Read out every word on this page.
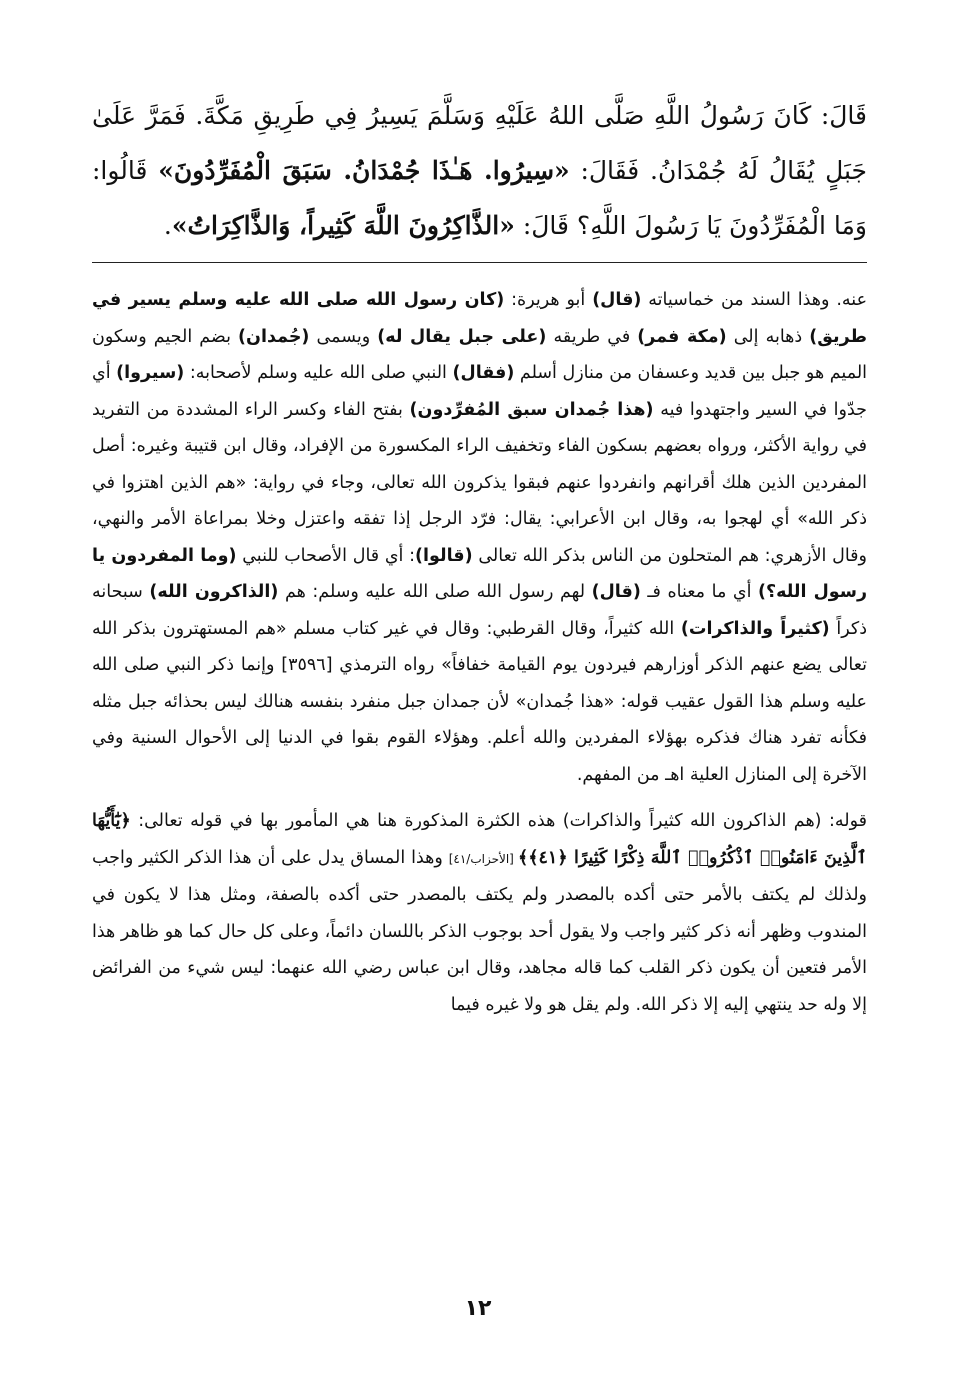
قَالَ: كَانَ رَسُولُ اللَّهِ صَلَّى اللهُ عَلَيْهِ وَسَلَّمَ يَسِيرُ فِي طَرِيقِ مَكَّةَ. فَمَرَّ عَلَىٰ جَبَلٍ يُقَالُ لَهُ جُمْدَانُ. فَقَالَ: «سِيرُوا. هَـٰذَا جُمْدَانُ. سَبَقَ الْمُفَرِّدُونَ» قَالُوا: وَمَا الْمُفَرِّدُونَ يَا رَسُولَ اللَّهِ؟ قَالَ: «الذَّاكِرُونَ اللَّهَ كَثِيراً، وَالذَّاكِرَاتُ».

عنه. وهذا السند من خماسياته (قال) أبو هريرة: (كان رسول الله صلى الله عليه وسلم يسير في طريق) ذهابه إلى (مكة فمر) في طريقه (على جبل يقال له) ويسمى (جُمدان) بضم الجيم وسكون الميم هو جبل بين قديد وعسفان من منازل أسلم (فقال) النبي صلى الله عليه وسلم لأصحابه: (سيروا) أي جدّوا في السير واجتهدوا فيه (هذا جُمدان سبق المُفرِّدون) بفتح الفاء وكسر الراء المشددة من التفريد في رواية الأكثر، ورواه بعضهم بسكون الفاء وتخفيف الراء المكسورة من الإفراد، وقال ابن قتيبة وغيره: أصل المفردين الذين هلك أقرانهم وانفردوا عنهم فبقوا يذكرون الله تعالى، وجاء في رواية: «هم الذين اهتزوا في ذكر الله» أي لهجوا به، وقال ابن الأعرابي: يقال: فرّد الرجل إذا تفقه واعتزل وخلا بمراعاة الأمر والنهي، وقال الأزهري: هم المتحلون من الناس بذكر الله تعالى (قالوا): أي قال الأصحاب للنبي (وما المفردون يا رسول الله؟) أي ما معناه فـ (قال) لهم رسول الله صلى الله عليه وسلم: هم (الذاكرون الله) سبحانه ذكراً (كثيراً والذاكرات) الله كثيراً، وقال القرطبي: وقال في غير كتاب مسلم «هم المستهترون بذكر الله تعالى يضع عنهم الذكر أوزارهم فيردون يوم القيامة خفافاً» رواه الترمذي [٣٥٩٦] وإنما ذكر النبي صلى الله عليه وسلم هذا القول عقيب قوله: «هذا جُمدان» لأن جمدان جبل منفرد بنفسه هنالك ليس بحذائه جبل مثله فكأنه تفرد هناك فذكره بهؤلاء المفردين والله أعلم. وهؤلاء القوم بقوا في الدنيا إلى الأحوال السنية وفي الآخرة إلى المنازل العلية اهـ من المفهم.

قوله: (هم الذاكرون الله كثيراً والذاكرات) هذه الكثرة المذكورة هنا هي المأمور بها في قوله تعالى: ﴿يَٰٓأَيُّهَا ٱلَّذِينَ ءَامَنُوا۟ ٱذْكُرُوا۟ ٱللَّهَ ذِكْرًا كَثِيرًا ﴿٤١﴾﴾ [الأحزاب/٤١] وهذا المساق يدل على أن هذا الذكر الكثير واجب ولذلك لم يكتف بالأمر حتى أكده بالمصدر ولم يكتف بالمصدر حتى أكده بالصفة، ومثل هذا لا يكون في المندوب وظهر أنه ذكر كثير واجب ولا يقول أحد بوجوب الذكر باللسان دائماً، وعلى كل حال كما هو ظاهر هذا الأمر فتعين أن يكون ذكر القلب كما قاله مجاهد، وقال ابن عباس رضي الله عنهما: ليس شيء من الفرائض إلا وله حد ينتهي إليه إلا ذكر الله. ولم يقل هو ولا غيره فيما

١٢
